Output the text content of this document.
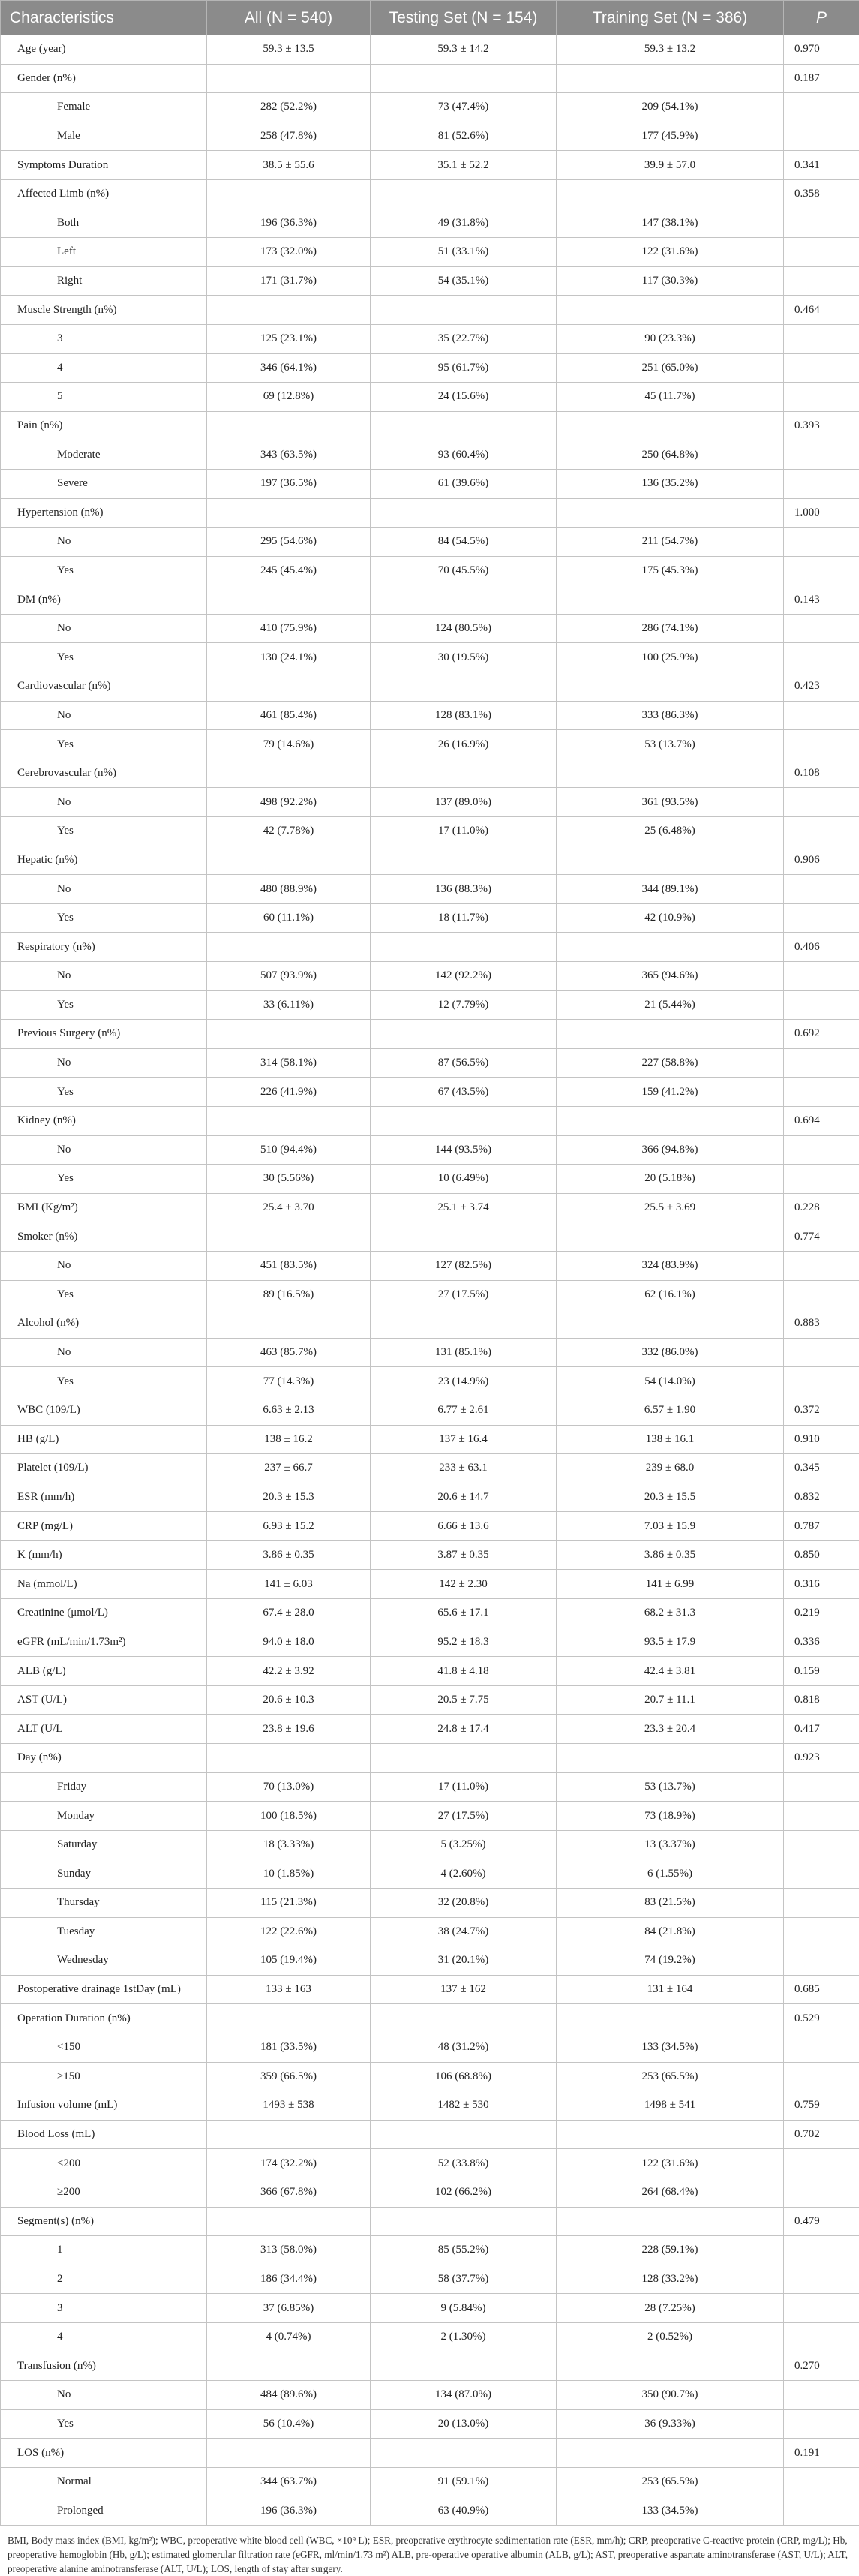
Characteristics	All (N = 540)	Testing Set (N = 154)	Training Set (N = 386)	P
Age (year)	59.3 ± 13.5	59.3 ± 14.2	59.3 ± 13.2	0.970
Gender (n%)				0.187
Female	282 (52.2%)	73 (47.4%)	209 (54.1%)	
Male	258 (47.8%)	81 (52.6%)	177 (45.9%)	
Symptoms Duration	38.5 ± 55.6	35.1 ± 52.2	39.9 ± 57.0	0.341
Affected Limb (n%)				0.358
Both	196 (36.3%)	49 (31.8%)	147 (38.1%)	
Left	173 (32.0%)	51 (33.1%)	122 (31.6%)	
Right	171 (31.7%)	54 (35.1%)	117 (30.3%)	
Muscle Strength (n%)				0.464
3	125 (23.1%)	35 (22.7%)	90 (23.3%)	
4	346 (64.1%)	95 (61.7%)	251 (65.0%)	
5	69 (12.8%)	24 (15.6%)	45 (11.7%)	
Pain (n%)				0.393
Moderate	343 (63.5%)	93 (60.4%)	250 (64.8%)	
Severe	197 (36.5%)	61 (39.6%)	136 (35.2%)	
Hypertension (n%)				1.000
No	295 (54.6%)	84 (54.5%)	211 (54.7%)	
Yes	245 (45.4%)	70 (45.5%)	175 (45.3%)	
DM (n%)				0.143
No	410 (75.9%)	124 (80.5%)	286 (74.1%)	
Yes	130 (24.1%)	30 (19.5%)	100 (25.9%)	
Cardiovascular (n%)				0.423
No	461 (85.4%)	128 (83.1%)	333 (86.3%)	
Yes	79 (14.6%)	26 (16.9%)	53 (13.7%)	
Cerebrovascular (n%)				0.108
No	498 (92.2%)	137 (89.0%)	361 (93.5%)	
Yes	42 (7.78%)	17 (11.0%)	25 (6.48%)	
Hepatic (n%)				0.906
No	480 (88.9%)	136 (88.3%)	344 (89.1%)	
Yes	60 (11.1%)	18 (11.7%)	42 (10.9%)	
Respiratory (n%)				0.406
No	507 (93.9%)	142 (92.2%)	365 (94.6%)	
Yes	33 (6.11%)	12 (7.79%)	21 (5.44%)	
Previous Surgery (n%)				0.692
No	314 (58.1%)	87 (56.5%)	227 (58.8%)	
Yes	226 (41.9%)	67 (43.5%)	159 (41.2%)	
Kidney (n%)				0.694
No	510 (94.4%)	144 (93.5%)	366 (94.8%)	
Yes	30 (5.56%)	10 (6.49%)	20 (5.18%)	
BMI (Kg/m²)	25.4 ± 3.70	25.1 ± 3.74	25.5 ± 3.69	0.228
Smoker (n%)				0.774
No	451 (83.5%)	127 (82.5%)	324 (83.9%)	
Yes	89 (16.5%)	27 (17.5%)	62 (16.1%)	
Alcohol (n%)				0.883
No	463 (85.7%)	131 (85.1%)	332 (86.0%)	
Yes	77 (14.3%)	23 (14.9%)	54 (14.0%)	
WBC (109/L)	6.63 ± 2.13	6.77 ± 2.61	6.57 ± 1.90	0.372
HB (g/L)	138 ± 16.2	137 ± 16.4	138 ± 16.1	0.910
Platelet (109/L)	237 ± 66.7	233 ± 63.1	239 ± 68.0	0.345
ESR (mm/h)	20.3 ± 15.3	20.6 ± 14.7	20.3 ± 15.5	0.832
CRP (mg/L)	6.93 ± 15.2	6.66 ± 13.6	7.03 ± 15.9	0.787
K (mm/h)	3.86 ± 0.35	3.87 ± 0.35	3.86 ± 0.35	0.850
Na (mmol/L)	141 ± 6.03	142 ± 2.30	141 ± 6.99	0.316
Creatinine (μmol/L)	67.4 ± 28.0	65.6 ± 17.1	68.2 ± 31.3	0.219
eGFR (mL/min/1.73m²)	94.0 ± 18.0	95.2 ± 18.3	93.5 ± 17.9	0.336
ALB (g/L)	42.2 ± 3.92	41.8 ± 4.18	42.4 ± 3.81	0.159
AST (U/L)	20.6 ± 10.3	20.5 ± 7.75	20.7 ± 11.1	0.818
ALT (U/L	23.8 ± 19.6	24.8 ± 17.4	23.3 ± 20.4	0.417
Day (n%)				0.923
Friday	70 (13.0%)	17 (11.0%)	53 (13.7%)	
Monday	100 (18.5%)	27 (17.5%)	73 (18.9%)	
Saturday	18 (3.33%)	5 (3.25%)	13 (3.37%)	
Sunday	10 (1.85%)	4 (2.60%)	6 (1.55%)	
Thursday	115 (21.3%)	32 (20.8%)	83 (21.5%)	
Tuesday	122 (22.6%)	38 (24.7%)	84 (21.8%)	
Wednesday	105 (19.4%)	31 (20.1%)	74 (19.2%)	
Postoperative drainage 1stDay (mL)	133 ± 163	137 ± 162	131 ± 164	0.685
Operation Duration (n%)				0.529
<150	181 (33.5%)	48 (31.2%)	133 (34.5%)	
≥150	359 (66.5%)	106 (68.8%)	253 (65.5%)	
Infusion volume (mL)	1493 ± 538	1482 ± 530	1498 ± 541	0.759
Blood Loss (mL)				0.702
<200	174 (32.2%)	52 (33.8%)	122 (31.6%)	
≥200	366 (67.8%)	102 (66.2%)	264 (68.4%)	
Segment(s) (n%)				0.479
1	313 (58.0%)	85 (55.2%)	228 (59.1%)	
2	186 (34.4%)	58 (37.7%)	128 (33.2%)	
3	37 (6.85%)	9 (5.84%)	28 (7.25%)	
4	4 (0.74%)	2 (1.30%)	2 (0.52%)	
Transfusion (n%)				0.270
No	484 (89.6%)	134 (87.0%)	350 (90.7%)	
Yes	56 (10.4%)	20 (13.0%)	36 (9.33%)	
LOS (n%)				0.191
Normal	344 (63.7%)	91 (59.1%)	253 (65.5%)	
Prolonged	196 (36.3%)	63 (40.9%)	133 (34.5%)	
BMI, Body mass index (BMI, kg/m²); WBC, preoperative white blood cell (WBC, ×10⁹ L); ESR, preoperative erythrocyte sedimentation rate (ESR, mm/h); CRP, preoperative C-reactive protein (CRP, mg/L); Hb, preoperative hemoglobin (Hb, g/L); estimated glomerular filtration rate (eGFR, ml/min/1.73 m²) ALB, pre-operative operative albumin (ALB, g/L); AST, preoperative aspartate aminotransferase (AST, U/L); ALT, preoperative alanine aminotransferase (ALT, U/L); LOS, length of stay after surgery.
